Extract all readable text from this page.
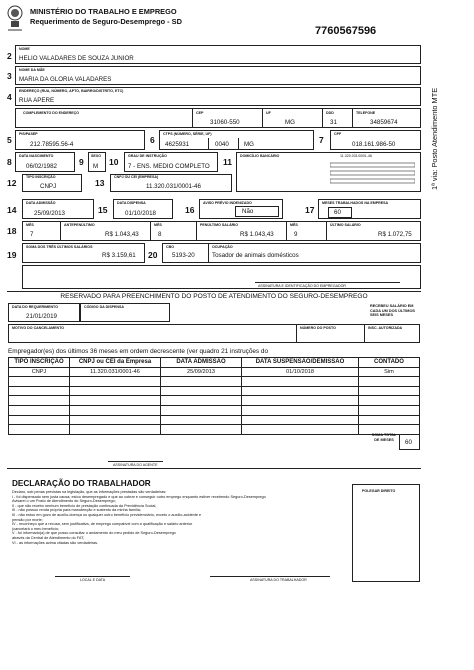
MINISTÉRIO DO TRABALHO E EMPREGO
Requerimento de Seguro-Desemprego - SD
7760567596
1ª via: Posto Atendimento MTE
2
NOME
HELIO VALADARES DE SOUZA JUNIOR
3
NOME DA MÃE
MARIA DA GLORIA VALADARES
4
ENDEREÇO (RUA, NÚMERO, APTO, BAIRRO/DISTRITO, ETC)
RUA APERE
COMPLEMENTO DO ENDEREÇO	CEP
31060-550
UF
MG
DDD
31
TELEFONE
34859674
5
PIS/PASEP
212.78595.56-4	6
CTPS (NÚMERO, SÉRIE, UF)
4625931	0040 MG	7
CPF
018.161.986-50
8
DATA NASCIMENTO
06/02/1982	9
SEXO
M 10
GRAU DE INSTRUÇÃO
7 - ENS. MEDIO COMPLETO 11
DOMICÍLIO BANCÁRIO	11.320.031/0001-46
12
TIPO INSCRIÇÃO
CNPJ	13
CNPJ OU CEI (EMPRESA)
11.320.031/0001-46
14
DATA ADMISSÃO
25/09/2013	15
DATA DISPENSA
01/10/2018	16
AVISO PRÉVIO INDENIZADO
Não	17
MESES TRABALHADOS NA EMPRESA
60
18
MÊS
7
ANTEPENÚLTIMO
R$ 1.043,43
MÊS
8
PENÚLTIMO SALÁRIO
R$ 1.043,43
MÊS
9
ÚLTIMO SALÁRIO
R$ 1.072,75
19
SOMA DOS TRÊS ÚLTIMOS SALÁRIOS
R$ 3.159,61 20
CBO
5193-20
OCUPAÇÃO
Tosador de animais domésticos
ASSINATURA E IDENTIFICAÇÃO DO EMPREGADOR
RESERVADO PARA PREENCHIMENTO DO POSTO DE ATENDIMENTO DO SEGURO-DESEMPREGO
DATA DO REQUERIMENTO
21/01/2019
CÓDIGO DA DISPENSA	RECEBEU SALÁRIO EM CADA UM DOS ÚLTIMOS SEIS MESES
MOTIVO DO CANCELAMENTO	NÚMERO DO POSTO	INSC. AUTORIZADA
Empregador(es) dos últimos 36 meses em ordem decrescente (ver quadro 21 instruções do
TIPO INSCRIÇÃO	CNPJ ou CEI da Empresa	DATA ADMISSÃO	DATA SUSPENSÃO/DEMISSÃO	CONTADO
CNPJ	11.320.031/0001-46	25/09/2013	01/10/2018	Sim

SOMA TOTAL DE MESES	60
ASSINATURA DO AGENTE
DECLARAÇÃO DO TRABALHADOR
Declaro, sob penas previstas na legislação, que as informações prestadas são verdadeiras:
I - foi dispensado sem justa causa; estou desempregado e que ao cobrar e conseguir outro emprego enquanto estiver recebendo Seguro-Desemprego
Avisarei o um Posto de Atendimento do Seguro-Desemprego;
II - que não recebo nenhum benefício de prestação continuada da Previdência Social,
III - não possuo renda própria para manutenção e sustento da minha família;
III - não estou em gozo de auxílio-doença ou qualquer outro benefício previdenciário, exceto o auxílio-acidente e
pensão por morte;
IV - reconheço que a recusa, sem justificativa, de emprego compatível com a qualificação e salário anterior
(cancelará o meu benefício;
V - fui informado(a) de que posso consultar o andamento do meu pedido de Seguro-Desemprego
através da Central de Atendimento do FAT;
VI - as informações acima citadas são verdadeiras.
POLEGAR DIREITO
LOCAL E DATA	ASSINATURA DO TRABALHADOR
